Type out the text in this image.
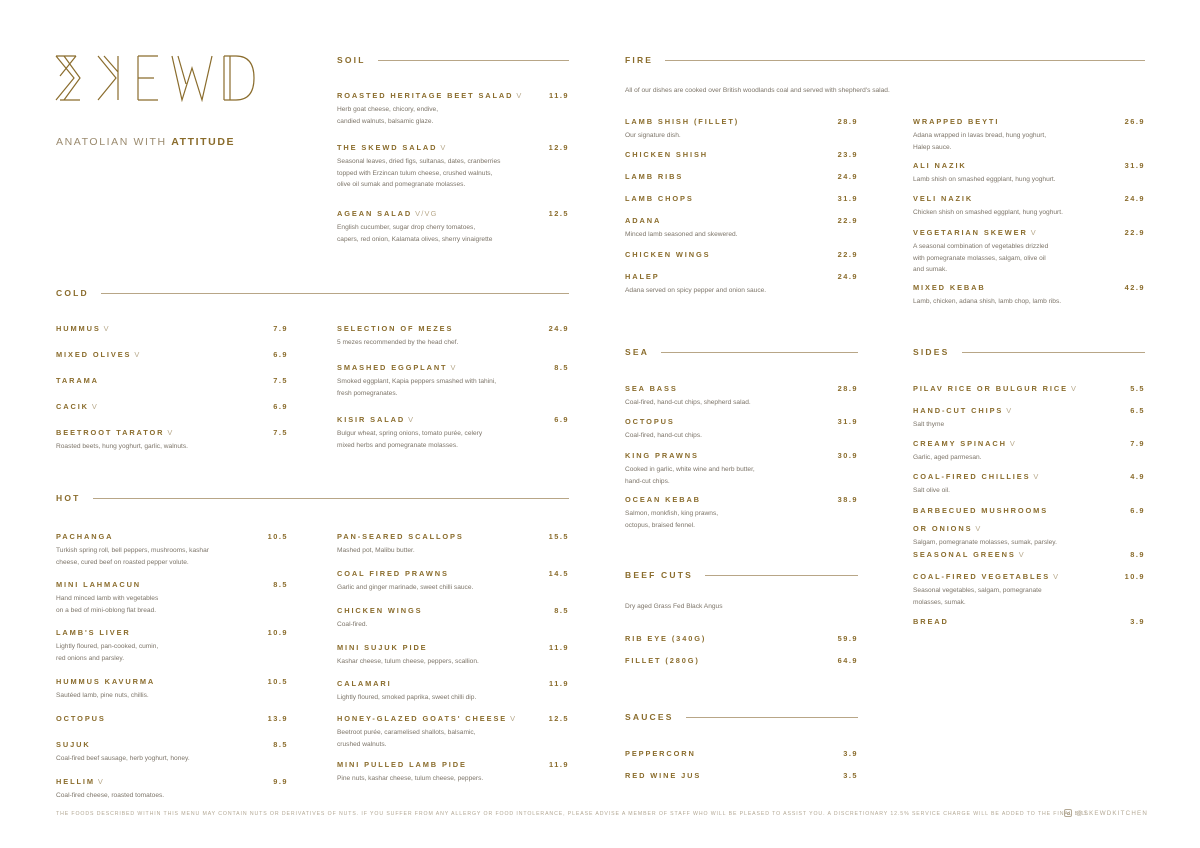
ANATOLIAN WITH ATTITUDE
SOIL	FIRE
COLD
HOT
SEA	SIDES
BEEF CUTS
SAUCES
All of our dishes are cooked over British woodlands coal and served with shepherd's salad.
Dry aged Grass Fed Black Angus
ROASTED HERITAGE BEET SALAD V	11.9
Herb goat cheese, chicory, endive,
candied walnuts, balsamic glaze.
THE SKEWD SALAD V	12.9
Seasonal leaves, dried figs, sultanas, dates, cranberries
topped with Erzincan tulum cheese, crushed walnuts,
olive oil sumak and pomegranate molasses.
AGEAN SALAD V/VG	12.5
English cucumber, sugar drop cherry tomatoes,
capers, red onion, Kalamata olives, sherry vinaigrette
HUMMUS V	7.9
MIXED OLIVES V	6.9
TARAMA	7.5
CACIK V	6.9
BEETROOT TARATOR V	7.5
Roasted beets, hung yoghurt, garlic, walnuts.
SELECTION OF MEZES	24.9
5 mezes recommended by the head chef.
SMASHED EGGPLANT V	8.5
Smoked eggplant, Kapia peppers smashed with tahini,
fresh pomegranates.
KISIR SALAD V	6.9
Bulgur wheat, spring onions, tomato purée, celery
mixed herbs and pomegranate molasses.
PACHANGA	10.5
Turkish spring roll, bell peppers, mushrooms, kashar
cheese, cured beef on roasted pepper volute.
MINI LAHMACUN	8.5
Hand minced lamb with vegetables
on a bed of mini-oblong flat bread.
LAMB'S LIVER	10.9
Lightly floured, pan-cooked, cumin,
red onions and parsley.
HUMMUS KAVURMA	10.5
Sautéed lamb, pine nuts, chillis.
OCTOPUS	13.9
SUJUK	8.5
Coal-fired beef sausage, herb yoghurt, honey.
HELLIM V	9.9
Coal-fired cheese, roasted tomatoes.
PAN-SEARED SCALLOPS	15.5
Mashed pot, Malibu butter.
COAL FIRED PRAWNS	14.5
Garlic and ginger marinade, sweet chilli sauce.
CHICKEN WINGS	8.5
Coal-fired.
MINI SUJUK PIDE	11.9
Kashar cheese, tulum cheese, peppers, scallion.
CALAMARI	11.9
Lightly floured, smoked paprika, sweet chilli dip.
HONEY-GLAZED GOATS' CHEESE V	12.5
Beetroot purée, caramelised shallots, balsamic,
crushed walnuts.
MINI PULLED LAMB PIDE	11.9
Pine nuts, kashar cheese, tulum cheese, peppers.
LAMB SHISH (FILLET)	28.9
Our signature dish.
CHICKEN SHISH	23.9
LAMB RIBS	24.9
LAMB CHOPS	31.9
ADANA	22.9
Minced lamb seasoned and skewered.
CHICKEN WINGS	22.9
HALEP	24.9
Adana served on spicy pepper and onion sauce.
WRAPPED BEYTI	26.9
Adana wrapped in lavas bread, hung yoghurt,
Halep sauce.
ALI NAZIK	31.9
Lamb shish on smashed eggplant, hung yoghurt.
VELI NAZIK	24.9
Chicken shish on smashed eggplant, hung yoghurt.
VEGETARIAN SKEWER V	22.9
A seasonal combination of vegetables drizzled
with pomegranate molasses, salgam, olive oil
and sumak.
MIXED KEBAB	42.9
Lamb, chicken, adana shish, lamb chop, lamb ribs.
SEA BASS	28.9
Coal-fired, hand-cut chips, shepherd salad.
OCTOPUS	31.9
Coal-fired, hand-cut chips.
KING PRAWNS	30.9
Cooked in garlic, white wine and herb butter,
hand-cut chips.
OCEAN KEBAB	38.9
Salmon, monkfish, king prawns,
octopus, braised fennel.
RIB EYE (340G)	59.9
FILLET (280G)	64.9
PEPPERCORN	3.9
RED WINE JUS	3.5
PILAV RICE OR BULGUR RICE V	5.5
HAND-CUT CHIPS V	6.5
Salt thyme
CREAMY SPINACH V	7.9
Garlic, aged parmesan.
COAL-FIRED CHILLIES V	4.9
Salt olive oil.
BARBECUED MUSHROOMS	6.9
OR ONIONS V
Salgam, pomegranate molasses, sumak, parsley.
SEASONAL GREENS V	8.9
COAL-FIRED VEGETABLES V	10.9
Seasonal vegetables, salgam, pomegranate
molasses, sumak.
BREAD	3.9
THE FOODS DESCRIBED WITHIN THIS MENU MAY CONTAIN NUTS OR DERIVATIVES OF NUTS. IF YOU SUFFER FROM ANY ALLERGY OR FOOD INTOLERANCE, PLEASE ADVISE A MEMBER OF STAFF WHO WILL BE PLEASED TO ASSIST YOU. A DISCRETIONARY 12.5% SERVICE CHARGE WILL BE ADDED TO THE FINAL BILL.
@SKEWDKITCHEN
